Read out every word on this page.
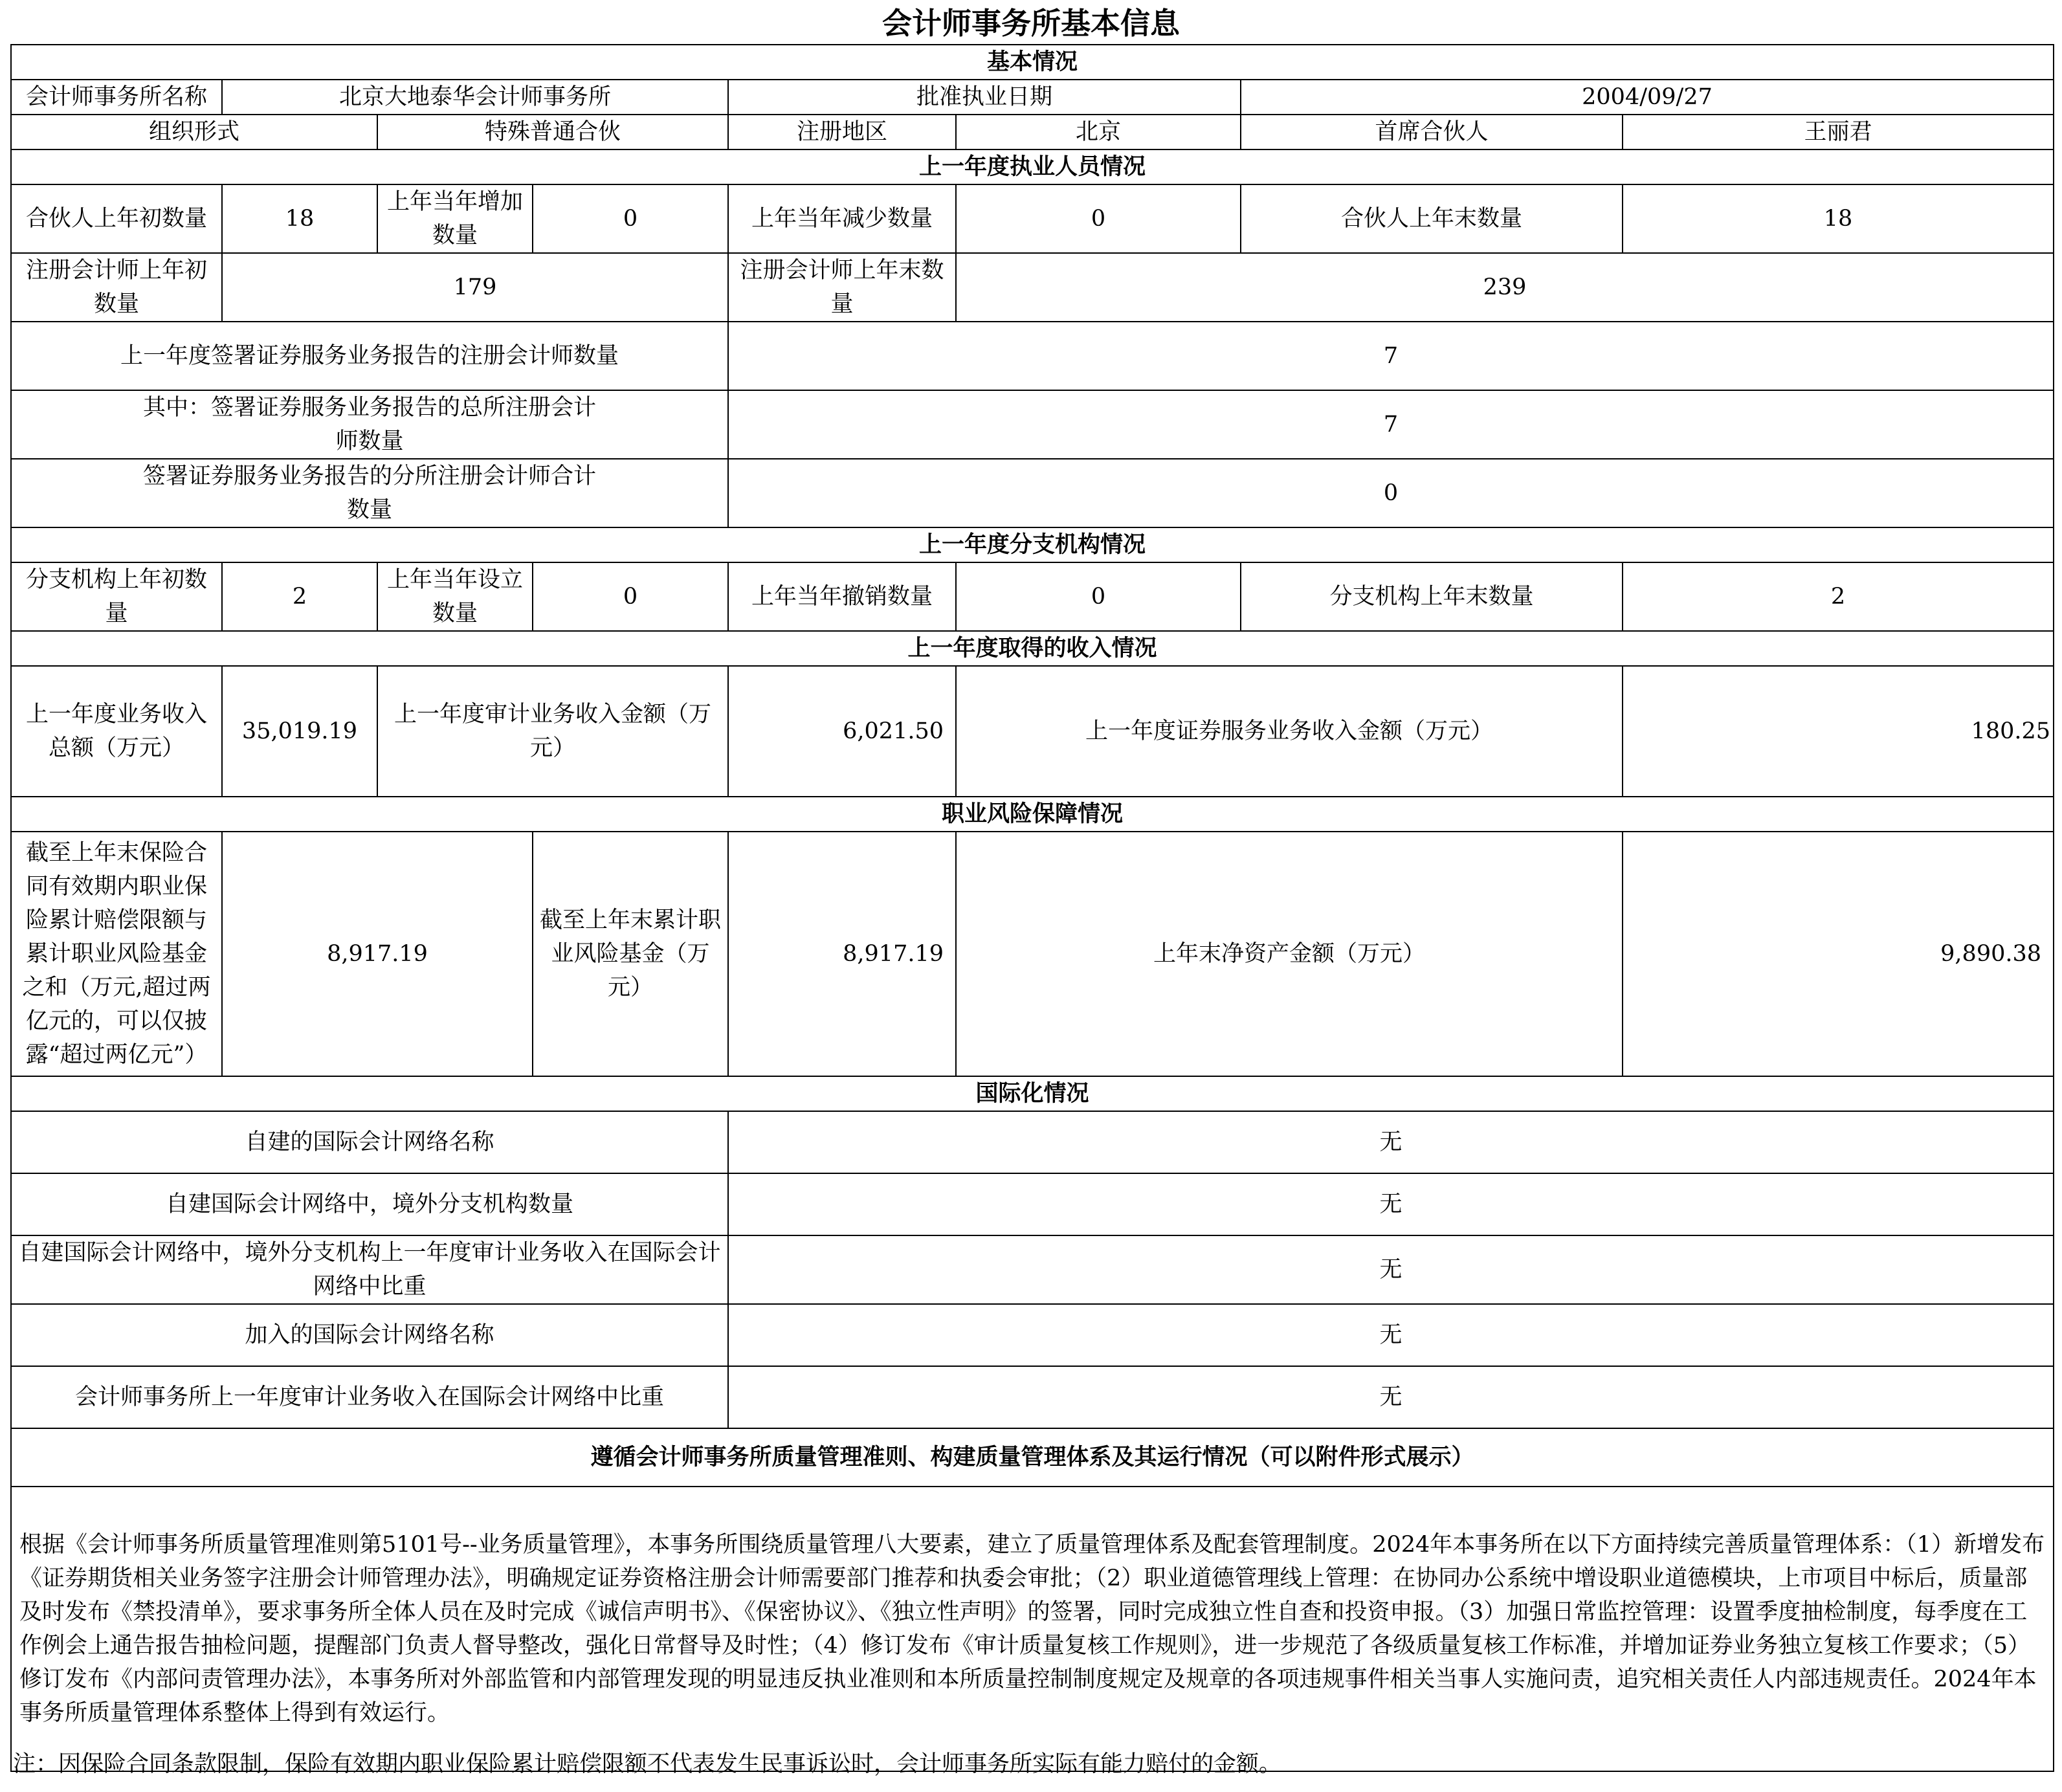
会计师事务所基本信息
基本情况							
会计师事务所名称	北京大地泰华会计师事务所			批准执业日期		2004/09/27	
组织形式		特殊普通合伙		注册地区	北京	首席合伙人	王丽君
上一年度执业人员情况							
合伙人上年初数量	18	上年当年增加数量	0	上年当年减少数量	0	合伙人上年末数量	18
注册会计师上年初数量	179			注册会计师上年末数量	239		
上一年度签署证券服务业务报告的注册会计师数量				7			
其中：签署证券服务业务报告的总所注册会计师数量				7			
签署证券服务业务报告的分所注册会计师合计数量				0			
上一年度分支机构情况							
分支机构上年初数量	2	上年当年设立数量	0	上年当年撤销数量	0	分支机构上年末数量	2
上一年度取得的收入情况							
上一年度业务收入总额（万元）	35,019.19	上一年度审计业务收入金额（万元）		6,021.50	上一年度证券服务业务收入金额（万元）		180.25
职业风险保障情况							
截至上年末保险合同有效期内职业保险累计赔偿限额与累计职业风险基金之和（万元,超过两亿元的，可以仅披露“超过两亿元”）	8,917.19		截至上年末累计职业风险基金（万元）	8,917.19	上年末净资产金额（万元）		9,890.38
国际化情况							
自建的国际会计网络名称				无			
自建国际会计网络中，境外分支机构数量				无			
自建国际会计网络中，境外分支机构上一年度审计业务收入在国际会计网络中比重				无			
加入的国际会计网络名称				无			
会计师事务所上一年度审计业务收入在国际会计网络中比重				无			
遵循会计师事务所质量管理准则、构建质量管理体系及其运行情况（可以附件形式展示）							
根据《会计师事务所质量管理准则第5101号--业务质量管理》，本事务所围绕质量管理八大要素，建立了质量管理体系及配套管理制度。2024年本事务所在以下方面持续完善质量管理体系：（1）新增发布《证券期货相关业务签字注册会计师管理办法》，明确规定证券资格注册会计师需要部门推荐和执委会审批；（2）职业道德管理线上管理：在协同办公系统中增设职业道德模块，上市项目中标后，质量部及时发布《禁投清单》，要求事务所全体人员在及时完成《诚信声明书》、《保密协议》、《独立性声明》的签署，同时完成独立性自查和投资申报。（3）加强日常监控管理：设置季度抽检制度，每季度在工作例会上通告报告抽检问题，提醒部门负责人督导整改，强化日常督导及时性；（4）修订发布《审计质量复核工作规则》，进一步规范了各级质量复核工作标准，并增加证券业务独立复核工作要求；（5）修订发布《内部问责管理办法》，本事务所对外部监管和内部管理发现的明显违反执业准则和本所质量控制制度规定及规章的各项违规事件相关当事人实施问责，追究相关责任人内部违规责任。2024年本事务所质量管理体系整体上得到有效运行。							
注：因保险合同条款限制，保险有效期内职业保险累计赔偿限额不代表发生民事诉讼时，会计师事务所实际有能力赔付的金额。
